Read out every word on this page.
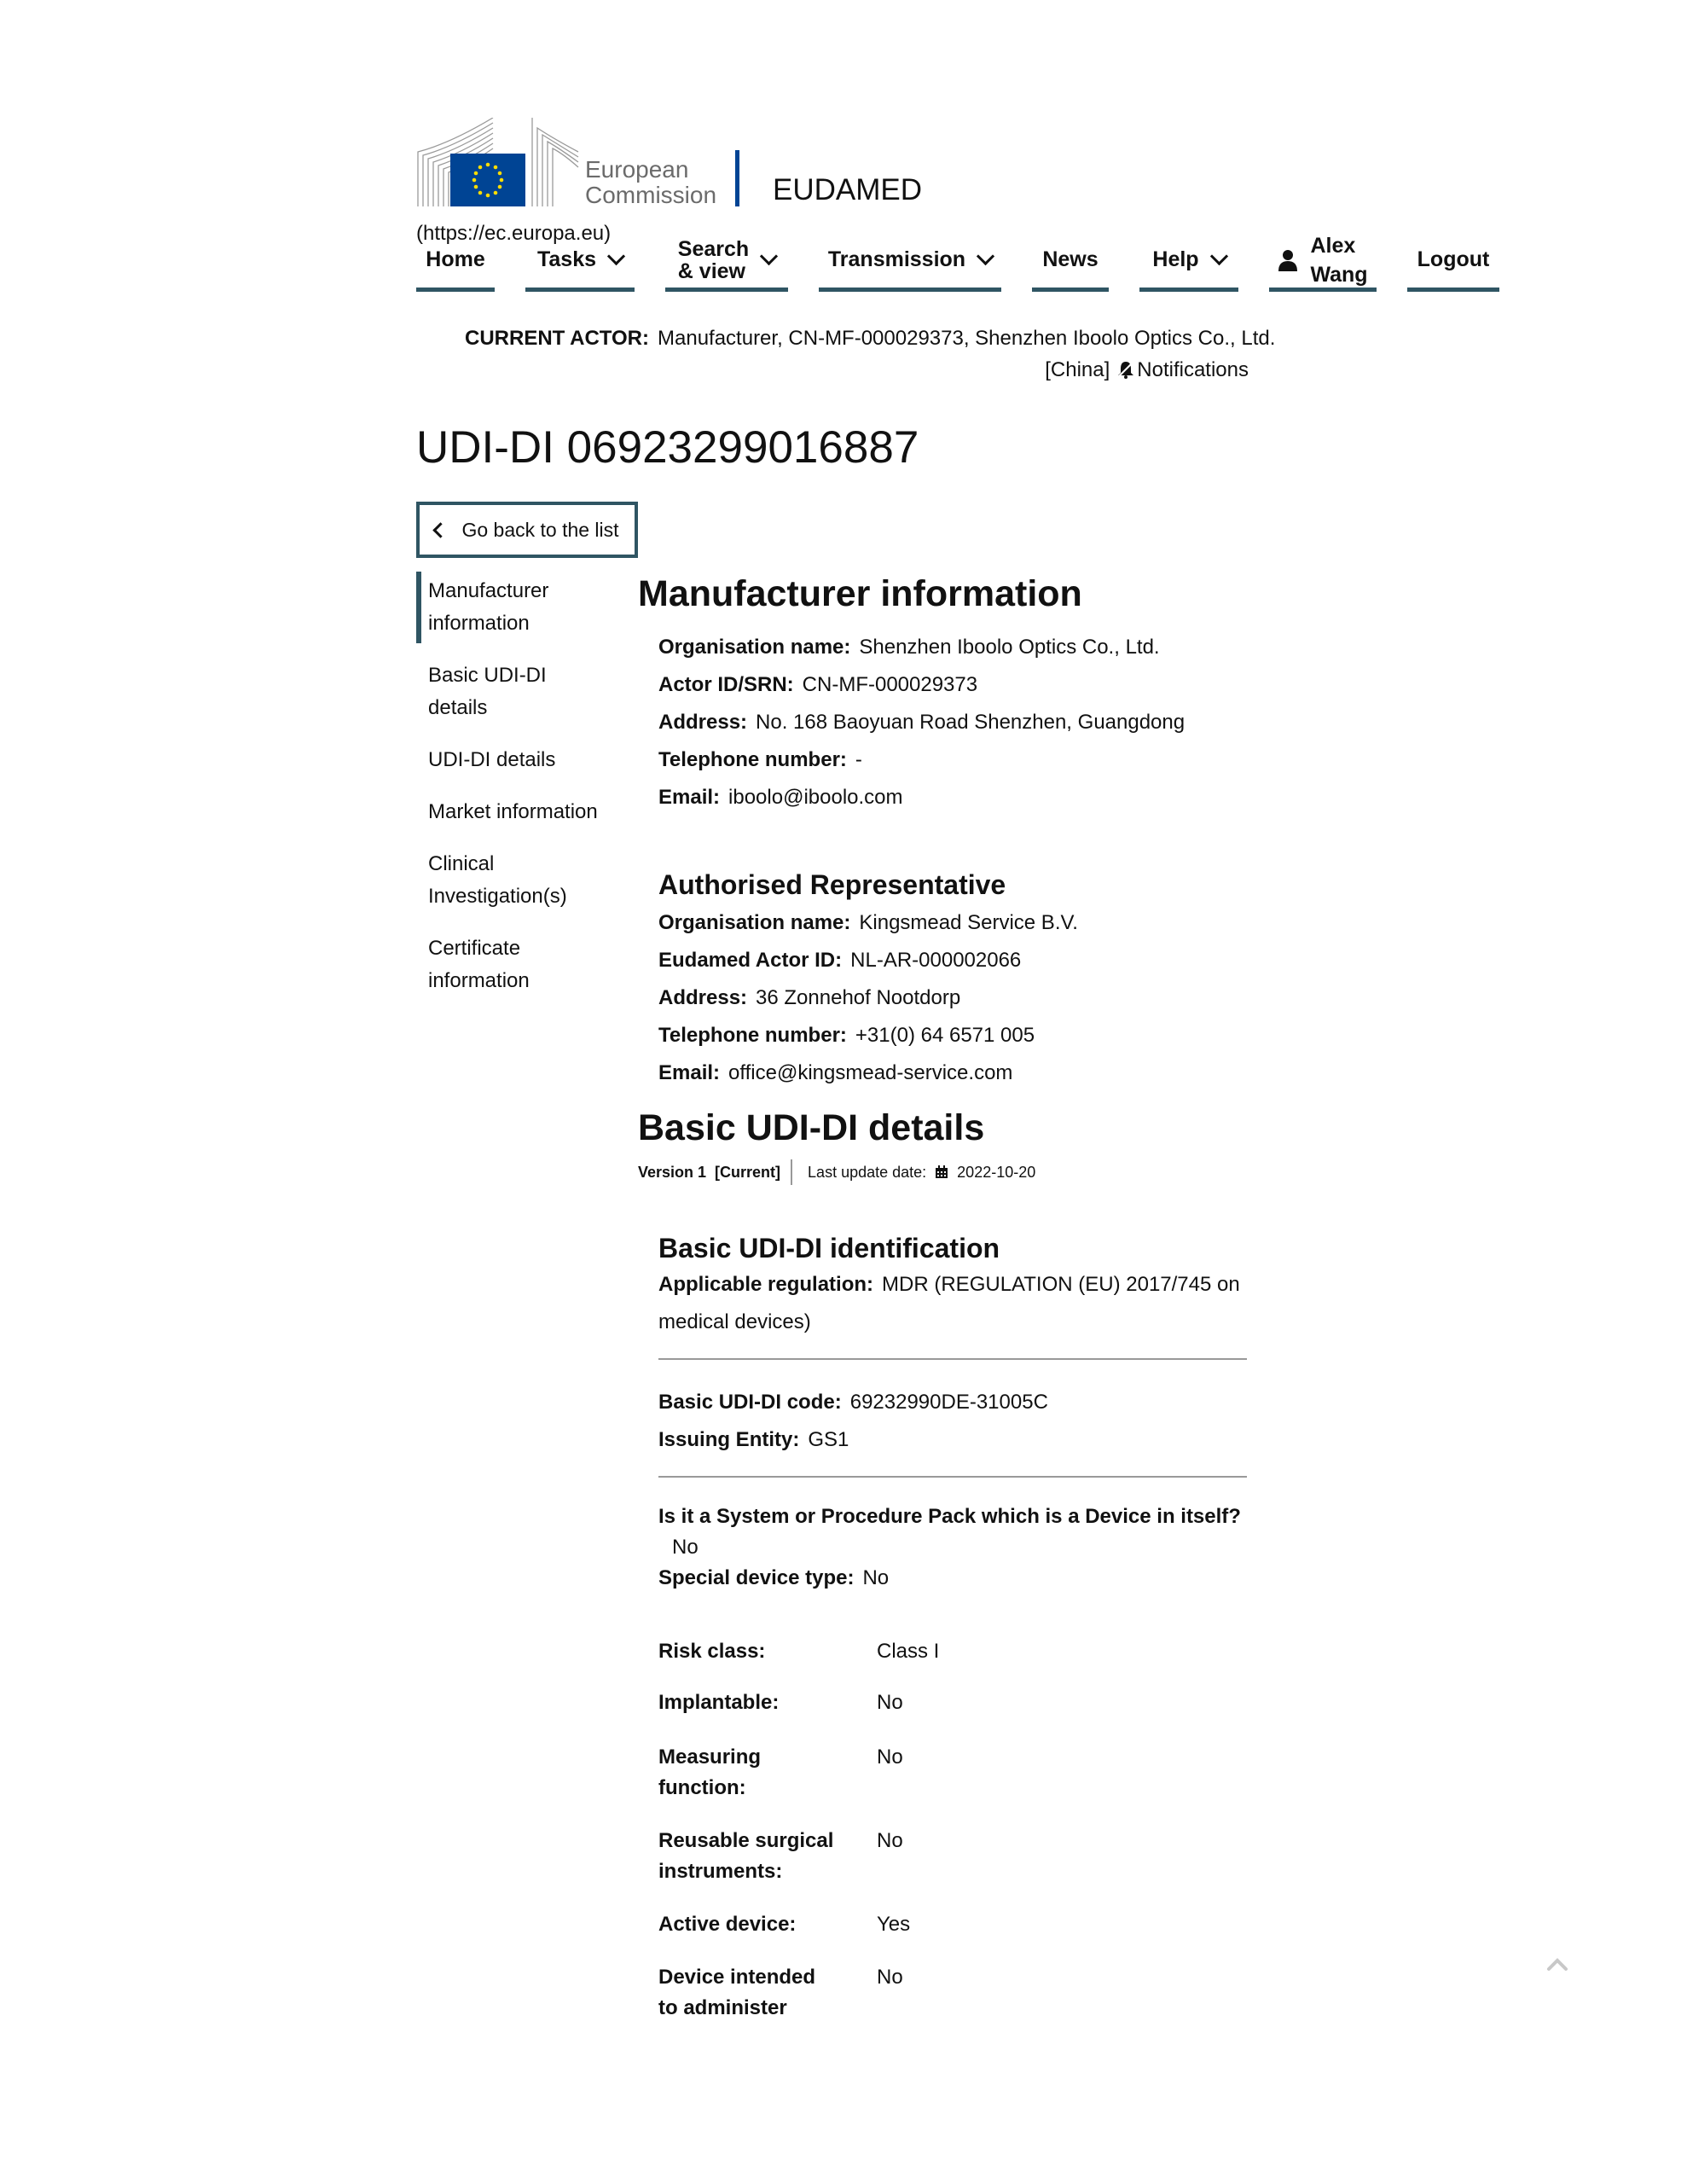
European
Commission EUDAMED
(https://ec.europa.eu)
Home Tasks	Search
& view	Transmission	News	Help
Alex
Wang
Logout
CURRENT ACTOR: Manufacturer, CN-MF-000029373, Shenzhen Iboolo Optics Co., Ltd.
[China] Notifications
UDI-DI 06923299016887
Go back to the list
Manufacturer
information
Basic UDI-DI
details
UDI-DI details
Market information
Clinical
Investigation(s)
Certificate
information
Manufacturer information
Organisation name: Shenzhen Iboolo Optics Co., Ltd.
Actor ID/SRN: CN-MF-000029373
Address: No. 168 Baoyuan Road Shenzhen, Guangdong
Telephone number: -
Email: iboolo@iboolo.com
Authorised Representative
Organisation name: Kingsmead Service B.V.
Eudamed Actor ID: NL-AR-000002066
Address: 36 Zonnehof Nootdorp
Telephone number: +31(0) 64 6571 005
Email: office@kingsmead-service.com
Basic UDI-DI details
Version 1 [Current] Last update date: 2022-10-20
Basic UDI-DI identification
Applicable regulation: MDR (REGULATION (EU) 2017/745 on
medical devices)
Basic UDI-DI code: 69232990DE-31005C
Issuing Entity: GS1
Is it a System or Procedure Pack which is a Device in itself?
No
Special device type: No
Risk class:	Class I
Implantable:	No
Measuring
function:
No
Reusable surgical
instruments:
No
Active device:	Yes
Device intended
to administer
No
